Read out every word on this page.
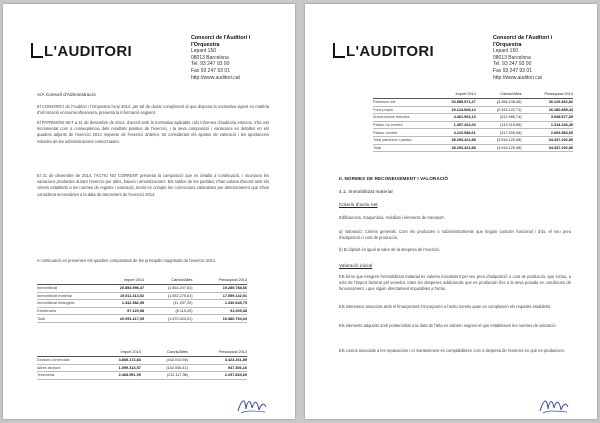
L'AUDITORI
Consorci de l'Auditori i
l'Orquestra
Lepant 150
08013 Barcelona
Tel. 93 247 93 00
Fax 93 247 93 01
http://www.auditori.cat
A/A Consell d'Administració
El CONSORCI de l'Auditori i l'Orquestra l'any 2014, per tal de donar compliment al que disposa la normativa vigent en matèria d'informació economicofinancera, presenta la informació següent.
El PATRIMONI NET a 31 de desembre de 2014, d'acord amb la normativa aplicable i els informes d'auditoria emesos, s'ha vist incrementat com a conseqüència dels resultats positius de l'exercici, i la seva composició i variacions es detallen en els quadres adjunts de l'exercici 2014 respecte de l'exercici anterior, tot considerant els ajustos de valoració i les aportacions rebudes de les administracions consorciades.
El 31 de desembre de 2014, l'ACTIU NO CORRENT presenta la composició que es detalla a continuació, i incorpora les variacions produïdes durant l'exercici per altes, baixes i amortitzacions. Els saldos de les partides s'han valorat d'acord amb els criteris establerts a les normes de registre i valoració, tenint en compte les correccions valoratives per deteriorament que s'han considerat necessàries a la data de tancament de l'exercici 2014.
A continuació es presenten els quadres comparatius de les principals magnituds de l'exercici 2014.
	Import 2014	Canvis/Altes	Pressupost 2014
Immobilitzat	20.853.996,47	(1.564.207,81)	19.289.788,66
Immobilitzat material	19.511.413,52	(1.552.270,61)	17.959.142,91
Immobilitzat intangible	1.342.582,95	(11.937,20)	1.330.645,75
Existències	97.120,58	(6.115,20)	91.005,38
Total	20.951.117,05	(1.570.323,01)	19.380.794,04
	Import 2014	Canvis/Altes	Pressupost 2014
Deutors comercials	3.865.172,83	(442.010,94)	3.423.161,89
Altres deutors	1.099.314,57	(152.008,41)	947.306,16
Tresoreria	2.468.951,05	(211.117,36)	2.257.833,69
L'AUDITORI
Consorci de l'Auditori i
l'Orquestra
Lepant 150
08013 Barcelona
Tel. 93 247 93 00
Fax 93 247 93 01
http://www.auditori.cat
	Import 2014	Canvis/Altes	Pressupost 2014
Patrimoni net	33.585.571,27	(3.456.108,45)	30.129.462,82
Fons propis	29.124.008,14	(2.943.122,71)	26.180.885,43
Subvencions rebudes	4.461.563,13	(512.985,74)	3.948.577,39
Passiu no corrent	1.457.262,00	(143.015,55)	1.314.246,45
Passiu corrent	3.210.588,61	(317.005,08)	2.893.583,53
Total patrimoni i passiu	38.253.421,88	(3.916.129,08)	34.337.292,80
Total	38.253.421,88	(3.916.129,08)	34.337.292,80
II. NORMES DE RECONEIXEMENT I VALORACIÓ
4.1. Immobilitzat material
Criteris d'actiu net
Edificacions, maquinària, mobiliari i elements de transport.
a) Valoració: Criteris generals. Com els productes o subministraments que tinguin caràcter funcional i d'ús, el seu preu d'adquisició o cost de producció.
b) El dipòsit és igual al valor de la despesa de l'exercici.
Valoració inicial
Els béns que integren l'immobilitzat material es valoren inicialment pel seu preu d'adquisició o cost de producció, que inclou, a més de l'import facturat pel venedor, totes les despeses addicionals que es produeixin fins a la seva posada en condicions de funcionament, i que siguin directament imputables a l'actiu.
Els interessos associats amb el finançament s'incorporen a l'actiu només quan es compleixen els requisits establerts.
Els elements adquirits amb posterioritat a la data de l'alta es valoren segons el que estableixen les normes de valoració.
Els costos associats a les reparacions i el manteniment es comptabilitzen com a despesa de l'exercici en què es produeixen.
